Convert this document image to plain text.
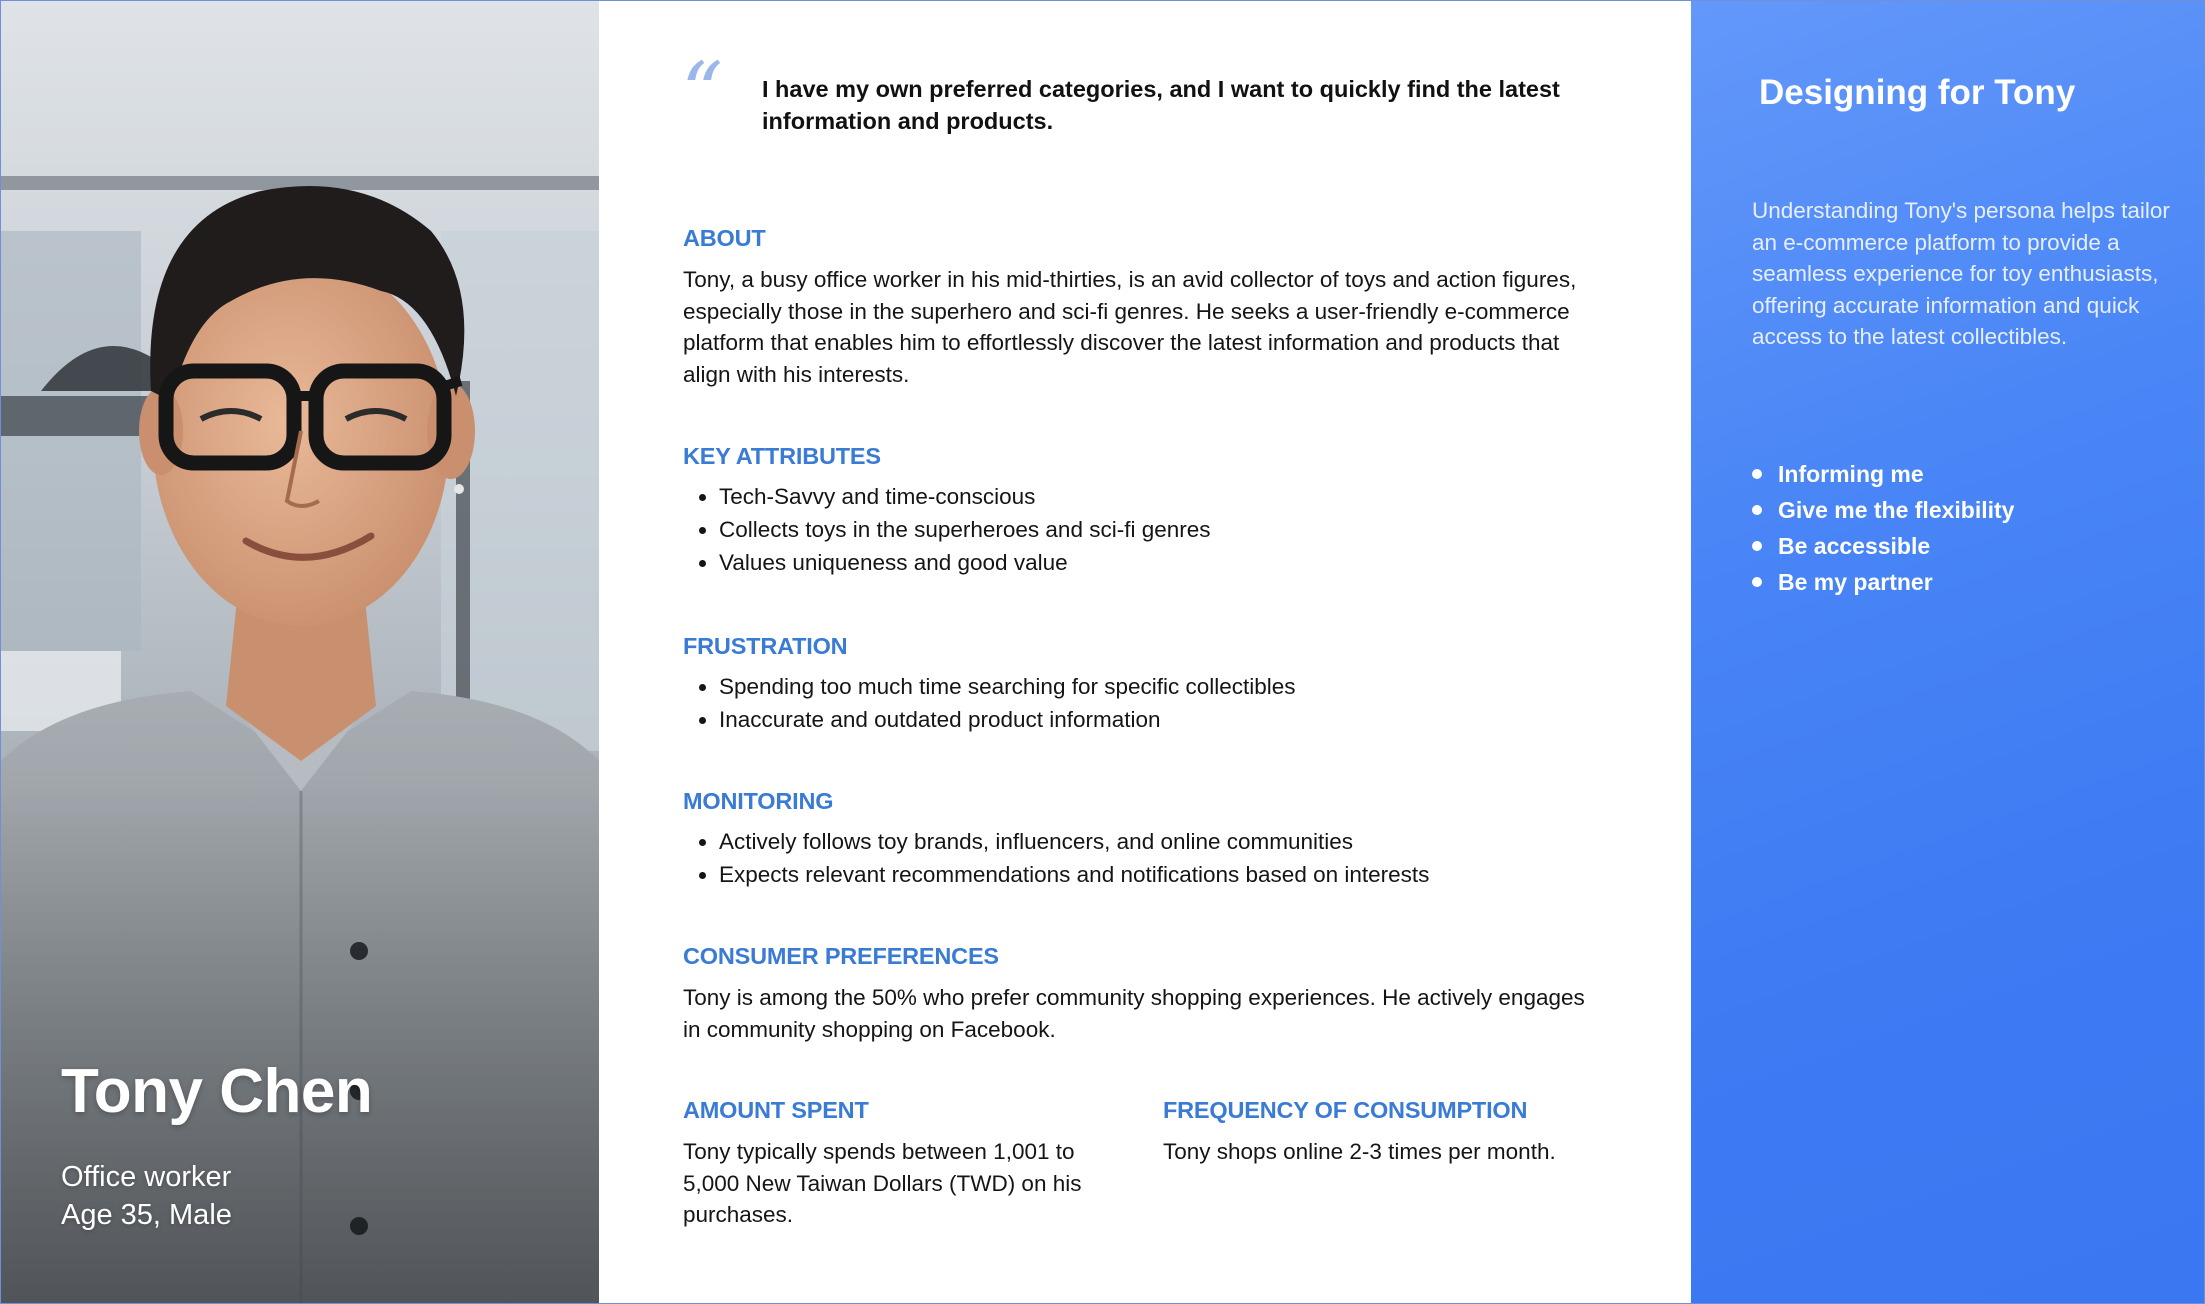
Tony Chen
Office worker
Age 35, Male
“ I have my own preferred categories, and I want to quickly find the latest information and products.

ABOUT

Tony, a busy office worker in his mid-thirties, is an avid collector of toys and action figures, especially those in the superhero and sci-fi genres. He seeks a user-friendly e-commerce platform that enables him to effortlessly discover the latest information and products that align with his interests.

KEY ATTRIBUTES
• Tech-Savvy and time-conscious
• Collects toys in the superheroes and sci-fi genres
• Values uniqueness and good value
FRUSTRATION
• Spending too much time searching for specific collectibles
• Inaccurate and outdated product information
MONITORING
• Actively follows toy brands, influencers, and online communities
• Expects relevant recommendations and notifications based on interests
CONSUMER PREFERENCES

Tony is among the 50% who prefer community shopping experiences. He actively engages in community shopping on Facebook.

AMOUNT SPENT

Tony typically spends between 1,001 to 5,000 New Taiwan Dollars (TWD) on his purchases.

FREQUENCY OF CONSUMPTION

Tony shops online 2-3 times per month.

Designing for Tony

Understanding Tony's persona helps tailor an e-commerce platform to provide a seamless experience for toy enthusiasts, offering accurate information and quick access to the latest collectibles.

Informing me
Give me the flexibility
Be accessible
Be my partner
